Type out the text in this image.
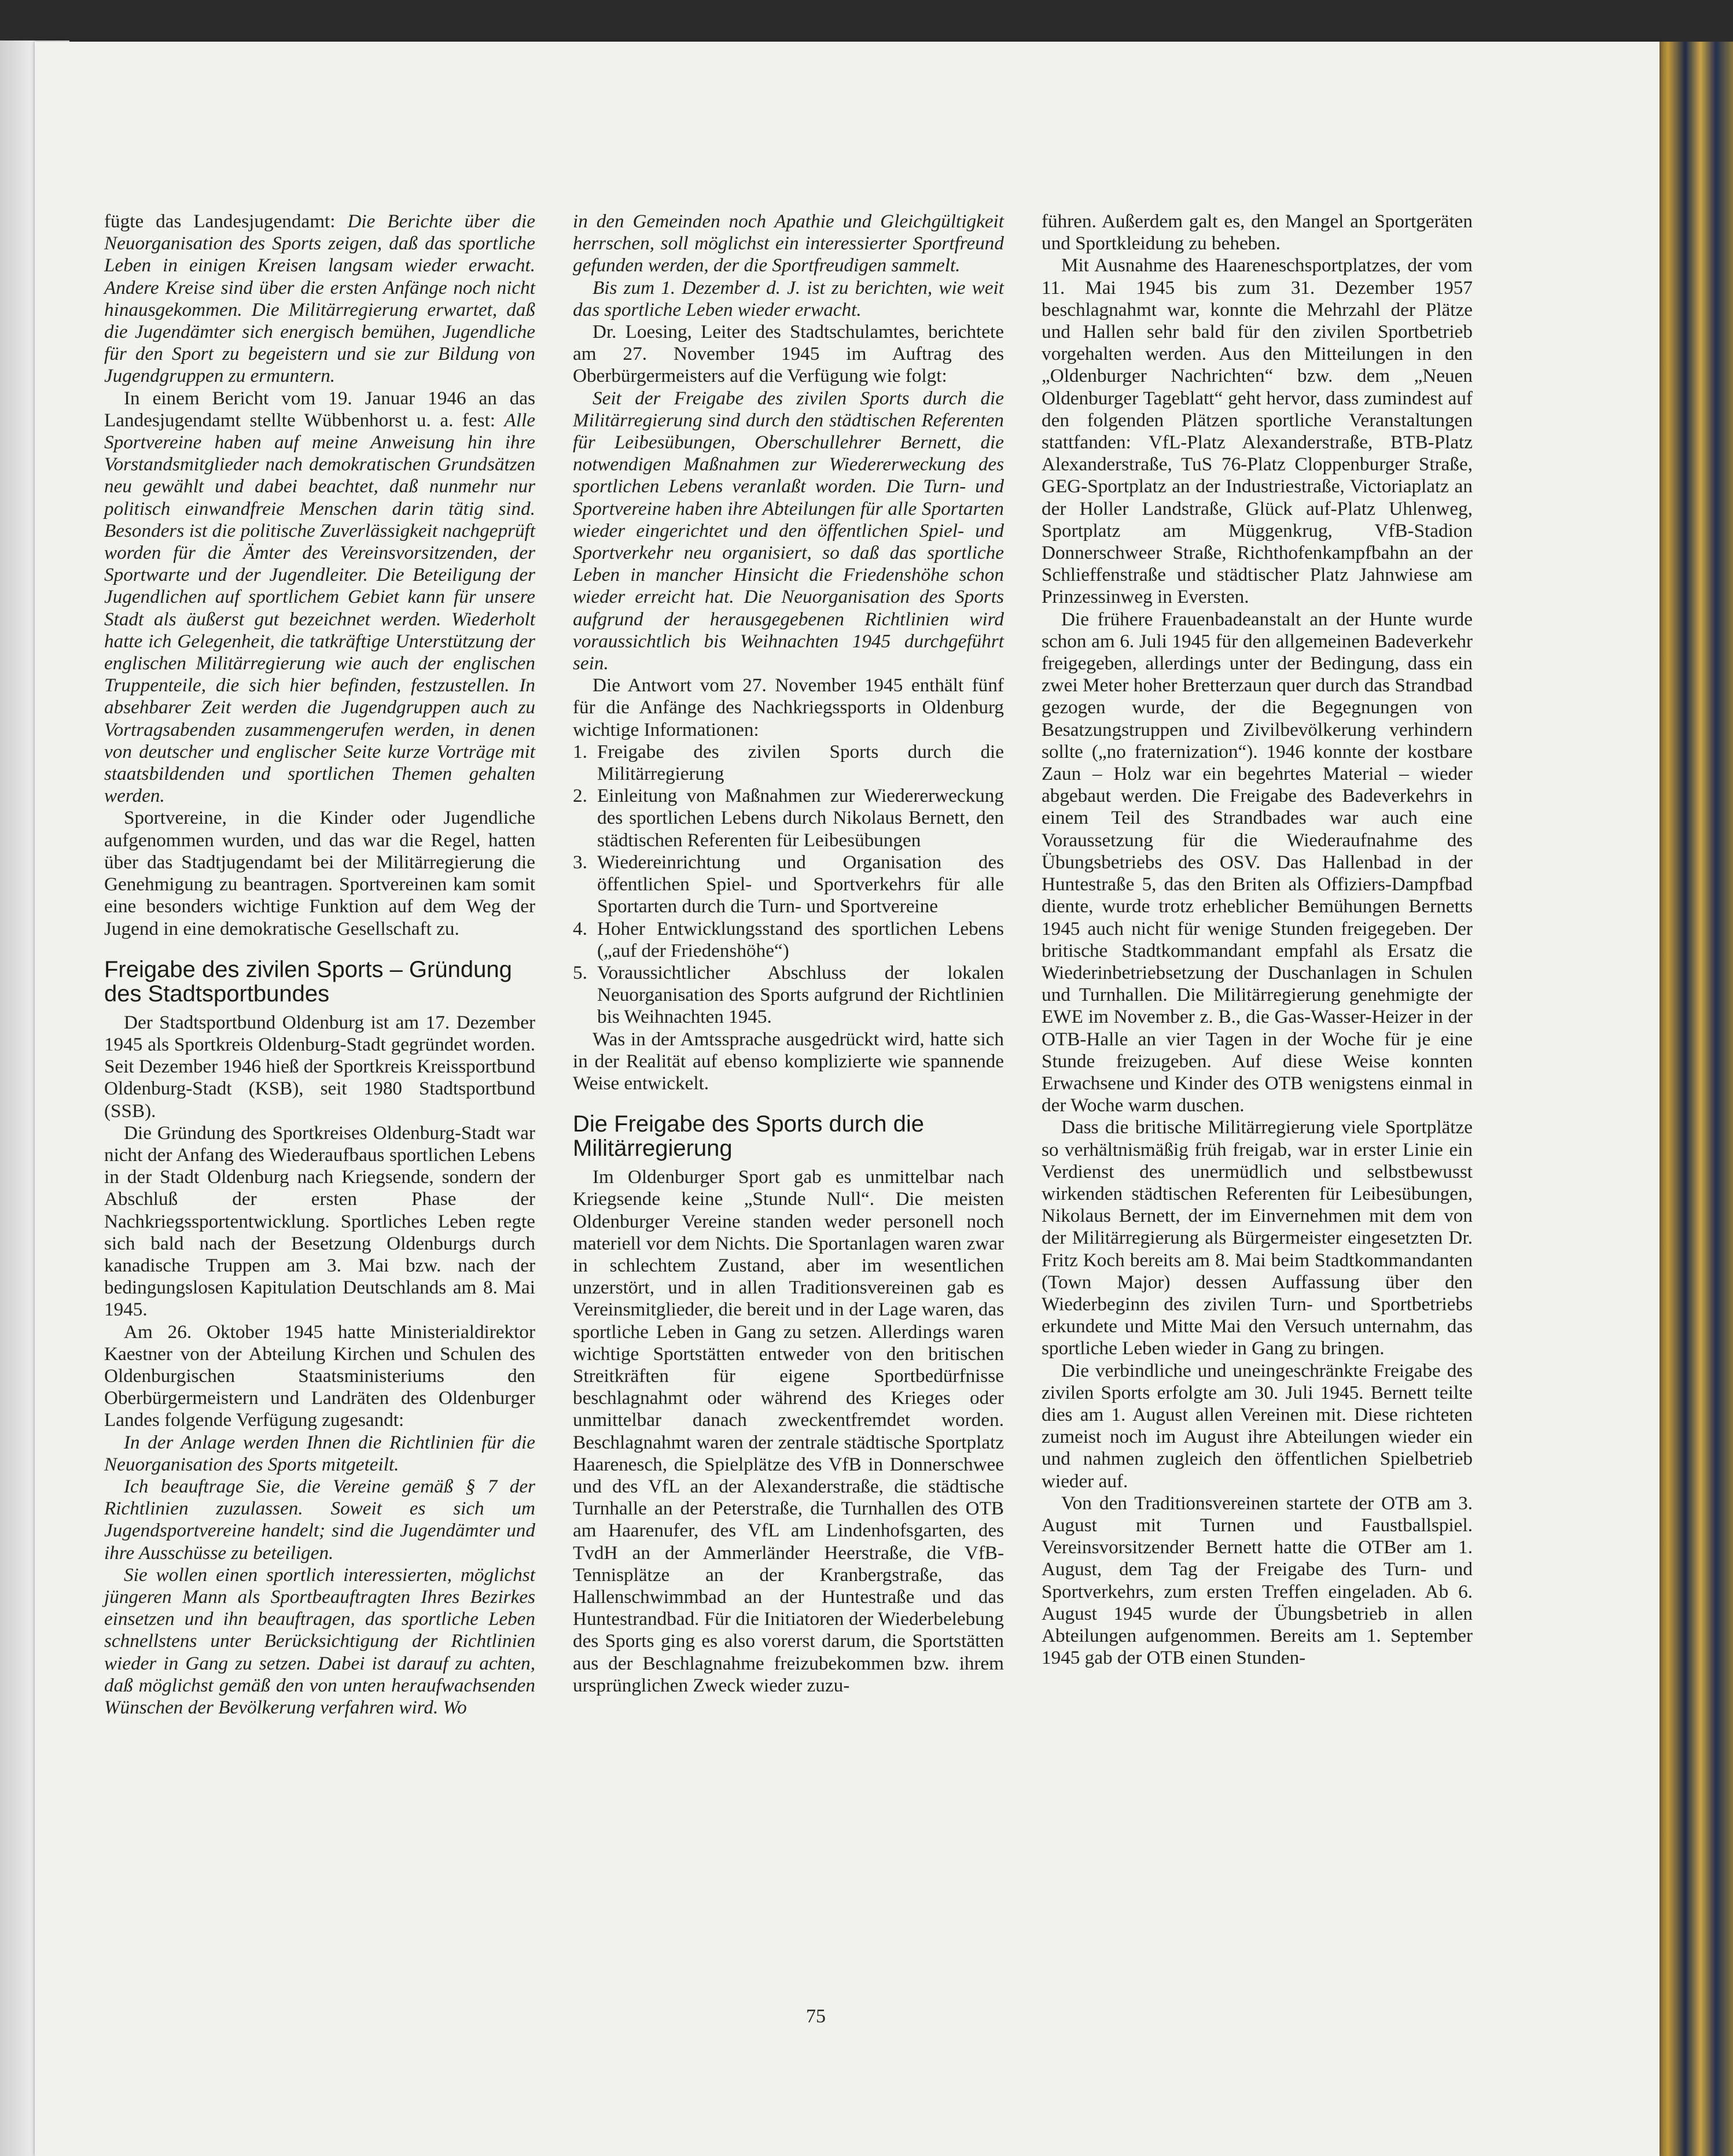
fügte das Landesjugendamt: Die Berichte über die Neuorganisation des Sports zeigen, daß das sportliche Leben in einigen Kreisen langsam wieder erwacht. Andere Kreise sind über die ersten Anfänge noch nicht hinausgekommen. Die Militärregierung erwartet, daß die Jugendämter sich energisch bemühen, Jugendliche für den Sport zu begeistern und sie zur Bildung von Jugendgruppen zu ermuntern.

In einem Bericht vom 19. Januar 1946 an das Landesjugendamt stellte Wübbenhorst u. a. fest: Alle Sportvereine haben auf meine Anweisung hin ihre Vorstandsmitglieder nach demokratischen Grundsätzen neu gewählt und dabei beachtet, daß nunmehr nur politisch einwandfreie Menschen darin tätig sind. Besonders ist die politische Zuverlässigkeit nachgeprüft worden für die Ämter des Vereinsvorsitzenden, der Sportwarte und der Jugendleiter. Die Beteiligung der Jugendlichen auf sportlichem Gebiet kann für unsere Stadt als äußerst gut bezeichnet werden. Wiederholt hatte ich Gelegenheit, die tatkräftige Unterstützung der englischen Militärregierung wie auch der englischen Truppenteile, die sich hier befinden, festzustellen. In absehbarer Zeit werden die Jugendgruppen auch zu Vortragsabenden zusammengerufen werden, in denen von deutscher und englischer Seite kurze Vorträge mit staatsbildenden und sportlichen Themen gehalten werden.

Sportvereine, in die Kinder oder Jugendliche aufgenommen wurden, und das war die Regel, hatten über das Stadtjugendamt bei der Militärregierung die Genehmigung zu beantragen. Sportvereinen kam somit eine besonders wichtige Funktion auf dem Weg der Jugend in eine demokratische Gesellschaft zu.

Freigabe des zivilen Sports – Gründung des Stadtsportbundes

Der Stadtsportbund Oldenburg ist am 17. Dezember 1945 als Sportkreis Oldenburg-Stadt gegründet worden. Seit Dezember 1946 hieß der Sportkreis Kreissportbund Oldenburg-Stadt (KSB), seit 1980 Stadtsportbund (SSB).

Die Gründung des Sportkreises Oldenburg-Stadt war nicht der Anfang des Wiederaufbaus sportlichen Lebens in der Stadt Oldenburg nach Kriegsende, sondern der Abschluß der ersten Phase der Nachkriegssportentwicklung. Sportliches Leben regte sich bald nach der Besetzung Oldenburgs durch kanadische Truppen am 3. Mai bzw. nach der bedingungslosen Kapitulation Deutschlands am 8. Mai 1945.

Am 26. Oktober 1945 hatte Ministerialdirektor Kaestner von der Abteilung Kirchen und Schulen des Oldenburgischen Staatsministeriums den Oberbürgermeistern und Landräten des Oldenburger Landes folgende Verfügung zugesandt:

In der Anlage werden Ihnen die Richtlinien für die Neuorganisation des Sports mitgeteilt.

Ich beauftrage Sie, die Vereine gemäß § 7 der Richtlinien zuzulassen. Soweit es sich um Jugendsportvereine handelt; sind die Jugendämter und ihre Ausschüsse zu beteiligen.

Sie wollen einen sportlich interessierten, möglichst jüngeren Mann als Sportbeauftragten Ihres Bezirkes einsetzen und ihn beauftragen, das sportliche Leben schnellstens unter Berücksichtigung der Richtlinien wieder in Gang zu setzen. Dabei ist darauf zu achten, daß möglichst gemäß den von unten heraufwachsenden Wünschen der Bevölkerung verfahren wird. Wo

in den Gemeinden noch Apathie und Gleichgültigkeit herrschen, soll möglichst ein interessierter Sportfreund gefunden werden, der die Sportfreudigen sammelt.

Bis zum 1. Dezember d. J. ist zu berichten, wie weit das sportliche Leben wieder erwacht.

Dr. Loesing, Leiter des Stadtschulamtes, berichtete am 27. November 1945 im Auftrag des Oberbürgermeisters auf die Verfügung wie folgt:

Seit der Freigabe des zivilen Sports durch die Militärregierung sind durch den städtischen Referenten für Leibesübungen, Oberschullehrer Bernett, die notwendigen Maßnahmen zur Wiedererweckung des sportlichen Lebens veranlaßt worden. Die Turn- und Sportvereine haben ihre Abteilungen für alle Sportarten wieder eingerichtet und den öffentlichen Spiel- und Sportverkehr neu organisiert, so daß das sportliche Leben in mancher Hinsicht die Friedenshöhe schon wieder erreicht hat. Die Neuorganisation des Sports aufgrund der herausgegebenen Richtlinien wird voraussichtlich bis Weihnachten 1945 durchgeführt sein.

Die Antwort vom 27. November 1945 enthält fünf für die Anfänge des Nachkriegssports in Oldenburg wichtige Informationen:

1. Freigabe des zivilen Sports durch die Militärregierung
2. Einleitung von Maßnahmen zur Wiedererweckung des sportlichen Lebens durch Nikolaus Bernett, den städtischen Referenten für Leibesübungen
3. Wiedereinrichtung und Organisation des öffentlichen Spiel- und Sportverkehrs für alle Sportarten durch die Turn- und Sportvereine
4. Hoher Entwicklungsstand des sportlichen Lebens („auf der Friedenshöhe“)
5. Voraussichtlicher Abschluss der lokalen Neuorganisation des Sports aufgrund der Richtlinien bis Weihnachten 1945.

Was in der Amtssprache ausgedrückt wird, hatte sich in der Realität auf ebenso komplizierte wie spannende Weise entwickelt.

Die Freigabe des Sports durch die Militärregierung

Im Oldenburger Sport gab es unmittelbar nach Kriegsende keine „Stunde Null“. Die meisten Oldenburger Vereine standen weder personell noch materiell vor dem Nichts. Die Sportanlagen waren zwar in schlechtem Zustand, aber im wesentlichen unzerstört, und in allen Traditionsvereinen gab es Vereinsmitglieder, die bereit und in der Lage waren, das sportliche Leben in Gang zu setzen. Allerdings waren wichtige Sportstätten entweder von den britischen Streitkräften für eigene Sportbedürfnisse beschlagnahmt oder während des Krieges oder unmittelbar danach zweckentfremdet worden. Beschlagnahmt waren der zentrale städtische Sportplatz Haarenesch, die Spielplätze des VfB in Donnerschwee und des VfL an der Alexanderstraße, die städtische Turnhalle an der Peterstraße, die Turnhallen des OTB am Haarenufer, des VfL am Lindenhofsgarten, des TvdH an der Ammerländer Heerstraße, die VfB-Tennisplätze an der Kranbergstraße, das Hallenschwimmbad an der Huntestraße und das Huntestrandbad. Für die Initiatoren der Wiederbelebung des Sports ging es also vorerst darum, die Sportstätten aus der Beschlagnahme freizubekommen bzw. ihrem ursprünglichen Zweck wieder zuzu-

führen. Außerdem galt es, den Mangel an Sportgeräten und Sportkleidung zu beheben.

Mit Ausnahme des Haareneschsportplatzes, der vom 11. Mai 1945 bis zum 31. Dezember 1957 beschlagnahmt war, konnte die Mehrzahl der Plätze und Hallen sehr bald für den zivilen Sportbetrieb vorgehalten werden. Aus den Mitteilungen in den „Oldenburger Nachrichten“ bzw. dem „Neuen Oldenburger Tageblatt“ geht hervor, dass zumindest auf den folgenden Plätzen sportliche Veranstaltungen stattfanden: VfL-Platz Alexanderstraße, BTB-Platz Alexanderstraße, TuS 76-Platz Cloppenburger Straße, GEG-Sportplatz an der Industriestraße, Victoriaplatz an der Holler Landstraße, Glück auf-Platz Uhlenweg, Sportplatz am Müggenkrug, VfB-Stadion Donnerschweer Straße, Richthofenkampfbahn an der Schlieffenstraße und städtischer Platz Jahnwiese am Prinzessinweg in Eversten.

Die frühere Frauenbadeanstalt an der Hunte wurde schon am 6. Juli 1945 für den allgemeinen Badeverkehr freigegeben, allerdings unter der Bedingung, dass ein zwei Meter hoher Bretterzaun quer durch das Strandbad gezogen wurde, der die Begegnungen von Besatzungstruppen und Zivilbevölkerung verhindern sollte („no fraternization“). 1946 konnte der kostbare Zaun – Holz war ein begehrtes Material – wieder abgebaut werden. Die Freigabe des Badeverkehrs in einem Teil des Strandbades war auch eine Voraussetzung für die Wiederaufnahme des Übungsbetriebs des OSV. Das Hallenbad in der Huntestraße 5, das den Briten als Offiziers-Dampfbad diente, wurde trotz erheblicher Bemühungen Bernetts 1945 auch nicht für wenige Stunden freigegeben. Der britische Stadtkommandant empfahl als Ersatz die Wiederinbetriebsetzung der Duschanlagen in Schulen und Turnhallen. Die Militärregierung genehmigte der EWE im November z. B., die Gas-Wasser-Heizer in der OTB-Halle an vier Tagen in der Woche für je eine Stunde freizugeben. Auf diese Weise konnten Erwachsene und Kinder des OTB wenigstens einmal in der Woche warm duschen.

Dass die britische Militärregierung viele Sportplätze so verhältnismäßig früh freigab, war in erster Linie ein Verdienst des unermüdlich und selbstbewusst wirkenden städtischen Referenten für Leibesübungen, Nikolaus Bernett, der im Einvernehmen mit dem von der Militärregierung als Bürgermeister eingesetzten Dr. Fritz Koch bereits am 8. Mai beim Stadtkommandanten (Town Major) dessen Auffassung über den Wiederbeginn des zivilen Turn- und Sportbetriebs erkundete und Mitte Mai den Versuch unternahm, das sportliche Leben wieder in Gang zu bringen.

Die verbindliche und uneingeschränkte Freigabe des zivilen Sports erfolgte am 30. Juli 1945. Bernett teilte dies am 1. August allen Vereinen mit. Diese richteten zumeist noch im August ihre Abteilungen wieder ein und nahmen zugleich den öffentlichen Spielbetrieb wieder auf.

Von den Traditionsvereinen startete der OTB am 3. August mit Turnen und Faustballspiel. Vereinsvorsitzender Bernett hatte die OTBer am 1. August, dem Tag der Freigabe des Turn- und Sportverkehrs, zum ersten Treffen eingeladen. Ab 6. August 1945 wurde der Übungsbetrieb in allen Abteilungen aufgenommen. Bereits am 1. September 1945 gab der OTB einen Stunden-

75
